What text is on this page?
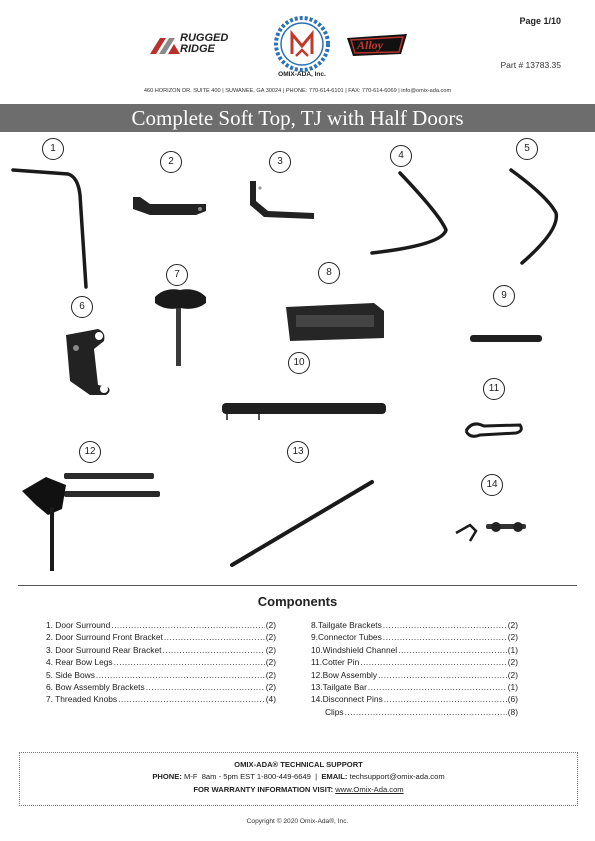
Page 1/10
Part # 13783.35
RUGGED
RIDGE
OMIX-ADA, Inc.
Alloy
460 HORIZON DR. SUITE 400 | SUWANEE, GA 30024 | PHONE: 770-614-6101 | FAX: 770-614-6069 | info@omix-ada.com
Complete Soft Top, TJ with Half Doors
1
2	3
4
5
6
7	8
9
10
11
12	13
14
Components
1. Door Surround .....	(2)
2. Door Surround Front Bracket .....	(2)
3. Door Surround Rear Bracket .....	(2)
4. Rear Bow Legs .....	(2)
5. Side Bows .....	(2)
6. Bow Assembly Brackets .....	(2)
7. Threaded Knobs .....	(4)
8.Tailgate Brackets .....	(2)
9.Connector Tubes .....	(2)
10.Windshield Channel .....	(1)
11.Cotter Pin .....	(2)
12.Bow Assembly .....	(2)
13.Tailgate Bar .....	(1)
14.Disconnect Pins .....	(6)
Clips .....	(8)
OMIX-ADA® TECHNICAL SUPPORT
PHONE: M-F  8am - 5pm EST 1-800-449-6649  |  EMAIL: techsupport@omix-ada.com
FOR WARRANTY INFORMATION VISIT: www.Omix-Ada.com
Copyright © 2020 Omix-Ada®, Inc.
